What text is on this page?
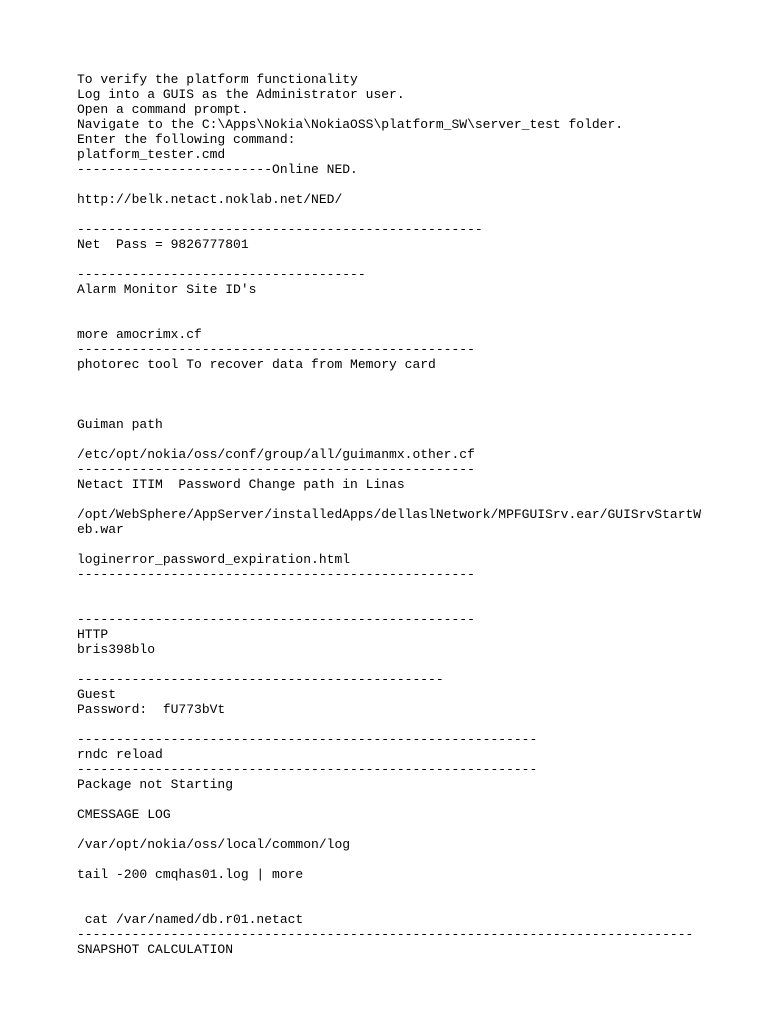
To verify the platform functionality
Log into a GUIS as the Administrator user.
Open a command prompt.
Navigate to the C:\Apps\Nokia\NokiaOSS\platform_SW\server_test folder.
Enter the following command:
platform_tester.cmd
-------------------------Online NED.
http://belk.netact.noklab.net/NED/
----------------------------------------------------
Net  Pass = 9826777801
-------------------------------------
Alarm Monitor Site ID's
more amocrimx.cf
---------------------------------------------------
photorec tool To recover data from Memory card
Guiman path
/etc/opt/nokia/oss/conf/group/all/guimanmx.other.cf
---------------------------------------------------
Netact ITIM  Password Change path in Linas
/opt/WebSphere/AppServer/installedApps/dellaslNetwork/MPFGUISrv.ear/GUISrvStartW
eb.war
loginerror_password_expiration.html
---------------------------------------------------
---------------------------------------------------
HTTP
bris398blo
-----------------------------------------------
Guest
Password:  fU773bVt
-----------------------------------------------------------
rndc reload
-----------------------------------------------------------
Package not Starting
CMESSAGE LOG
/var/opt/nokia/oss/local/common/log
tail -200 cmqhas01.log | more
cat /var/named/db.r01.netact
-------------------------------------------------------------------------------
SNAPSHOT CALCULATION
